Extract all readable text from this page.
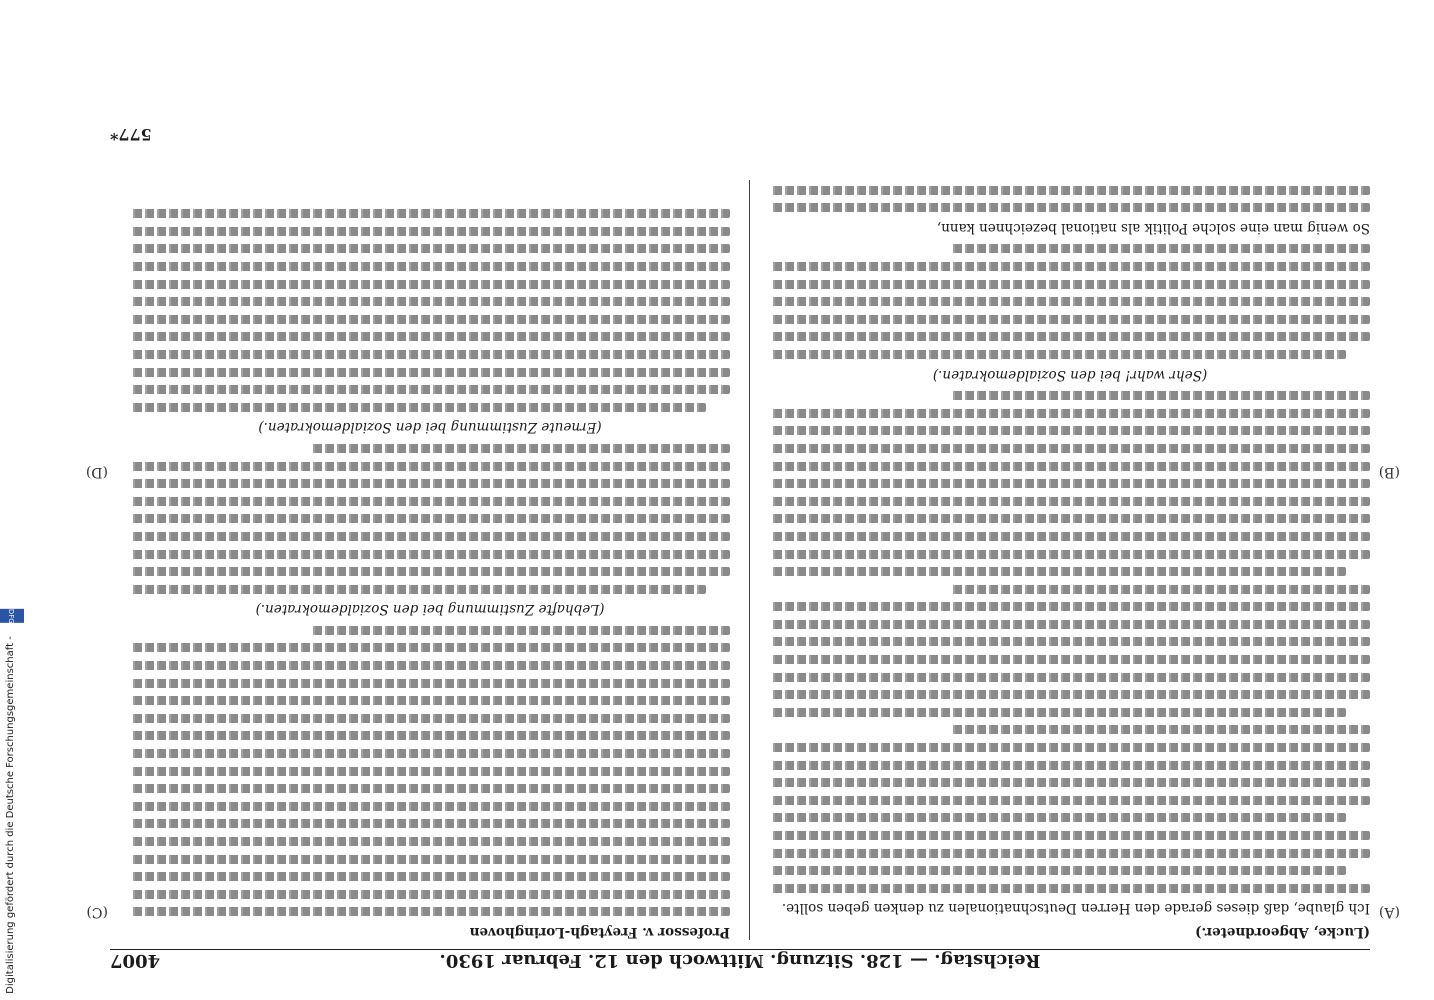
Digitalisierung gefördert durch die Deutsche Forschungsgemeinschaft - DFG
Reichstag. — 128. Sitzung. Mittwoch den 12. Februar 1930.
4007

(Lucke, Abgeordneter.)

Ich glaube, daß dieses gerade den Herren Deutschnationalen zu denken geben sollte.

(Sehr wahr! bei den Sozialdemokraten.)

So wenig man eine solche Politik als national bezeichnen kann,

Professor v. Freytagh-Loringhoven

(Lebhafte Zustimmung bei den Sozialdemokraten.)

(Erneute Zustimmung bei den Sozialdemokraten.)

(A)
(B)
(C)
(D)
577*
